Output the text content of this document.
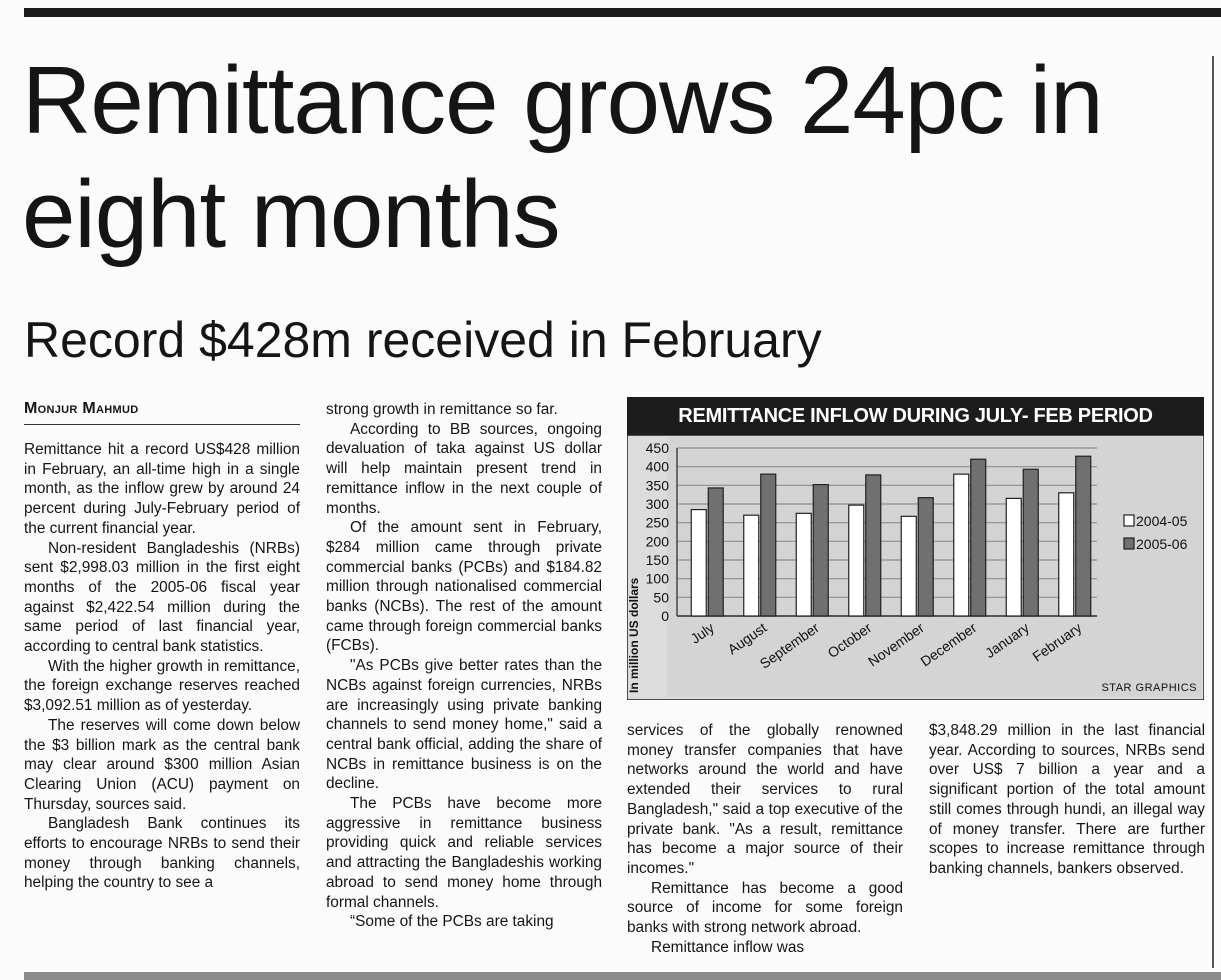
Remittance grows 24pc in eight months
Record $428m received in February
Monjur Mahmud

Remittance hit a record US$428 million in February, an all-time high in a single month, as the inflow grew by around 24 percent during July-February period of the current financial year.

Non-resident Bangladeshis (NRBs) sent $2,998.03 million in the first eight months of the 2005-06 fiscal year against $2,422.54 million during the same period of last financial year, according to central bank statistics.

With the higher growth in remittance, the foreign exchange reserves reached $3,092.51 million as of yesterday.

The reserves will come down below the $3 billion mark as the central bank may clear around $300 million Asian Clearing Union (ACU) payment on Thursday, sources said.

Bangladesh Bank continues its efforts to encourage NRBs to send their money through banking channels, helping the country to see a

strong growth in remittance so far.

According to BB sources, ongoing devaluation of taka against US dollar will help maintain present trend in remittance inflow in the next couple of months.

Of the amount sent in February, $284 million came through private commercial banks (PCBs) and $184.82 million through nationalised commercial banks (NCBs). The rest of the amount came through foreign commercial banks (FCBs).

"As PCBs give better rates than the NCBs against foreign currencies, NRBs are increasingly using private banking channels to send money home," said a central bank official, adding the share of NCBs in remittance business is on the decline.

The PCBs have become more aggressive in remittance business providing quick and reliable services and attracting the Bangladeshis working abroad to send money home through formal channels.

“Some of the PCBs are taking

REMITTANCE INFLOW DURING JULY- FEB PERIOD
0
50
100
150
200
250
300
350
400
450
In million US dollars	July August
September October
November
December January
February
2004-05
2005-06
STAR GRAPHICS

services of the globally renowned money transfer companies that have networks around the world and have extended their services to rural Bangladesh," said a top executive of the private bank. "As a result, remittance has become a major source of their incomes."

Remittance has become a good source of income for some foreign banks with strong network abroad.

Remittance inflow was

$3,848.29 million in the last financial year. According to sources, NRBs send over US$ 7 billion a year and a significant portion of the total amount still comes through hundi, an illegal way of money transfer. There are further scopes to increase remittance through banking channels, bankers observed.
